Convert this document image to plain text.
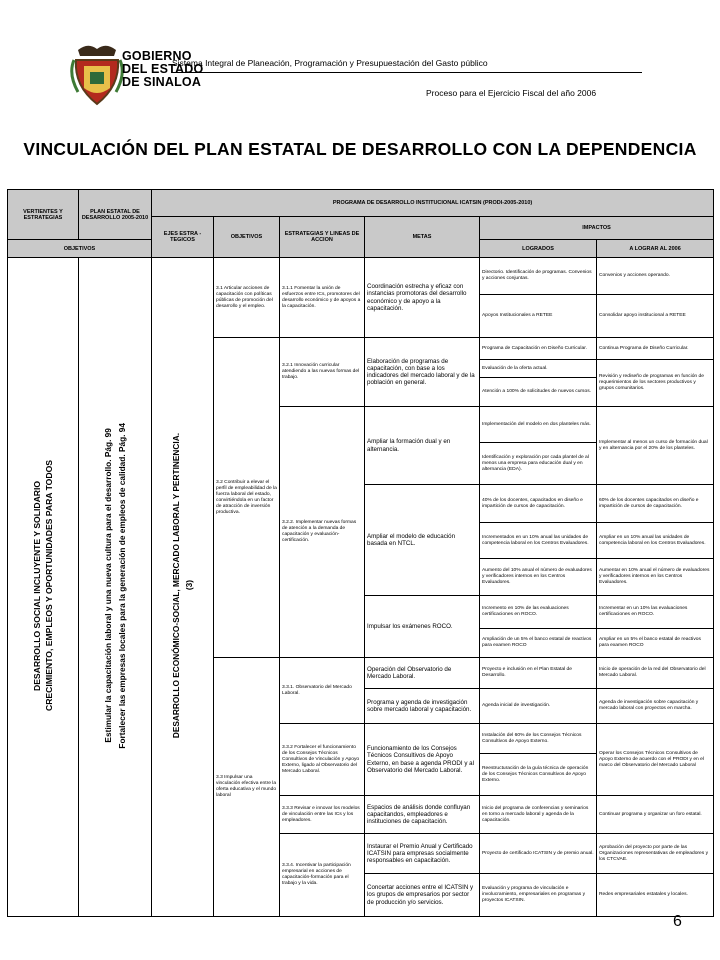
GOBIERNO
DEL ESTADO
DE SINALOA
Sistema Integral de Planeación, Programación y Presupuestación del Gasto público
Proceso para el Ejercicio Fiscal del año 2006
VINCULACIÓN DEL PLAN ESTATAL DE DESARROLLO CON LA DEPENDENCIA
VERTIENTES Y ESTRATEGIAS	PLAN ESTATAL DE DESARROLLO 2005-2010	PROGRAMA DE DESARROLLO INSTITUCIONAL ICATSIN (PRODI-2005-2010)					
		EJES ESTRA - TEGICOS	OBJETIVOS	ESTRATEGIAS Y LINEAS DE ACCION	METAS	IMPACTOS	
OBJETIVOS						LOGRADOS	A LOGRAR AL 2006
DESARROLLO SOCIAL INCLUYENTE Y SOLIDARIO CRECIMIENTO, EMPLEOS Y OPORTUNIDADES PARA TODOS	Estimular la capacitación laboral y una nueva cultura para el desarrollo. Pág. 99 Fortalecer las empresas locales para la generación de empleos de calidad. Pág. 94	DESARROLLO ECONÓMICO-SOCIAL, MERCADO LABORAL Y PERTINENCIA. (3)	3.1 Articular acciones de capacitación con políticas públicas de promoción del desarrollo y el empleo.	3.1.1 Fomentar la unión de esfuerzos entre ICs, promotores del desarrollo económico y de apoyos a la capacitación.	Coordinación estrecha y eficaz con instancias promotoras del desarrollo económico y de apoyo a la capacitación.	Directorio. Identificación de programas. Convenios y acciones conjuntas.	Convenios y acciones operando.
						Apoyos Institucionales a RETEE	Consolidar apoyo institucional a RETEE
			3.2 Contribuir a elevar el perfil de empleabilidad de la fuerza laboral del estado, convirtiéndola en un factor de atracción de inversión productiva.	3.2.1 Innovación curricular atendiendo a las nuevas formas del trabajo.	Elaboración de programas de capacitación, con base a los indicadores del mercado laboral y de la población en general.	Programa de Capacitación en Diseño Curricular.	Continua Programa de Diseño Curricular.
						Evaluación de la oferta actual.	Revisión y rediseño de programas en función de requerimientos de los sectores productivos y grupos comunitarios.
						Atención a 100% de solicitudes de nuevos cursos.	
				3.2.2. Implementar nuevas formas de atención a la demanda de capacitación y evaluación-certificación.	Ampliar la formación dual y en alternancia.	Implementación del modelo en dos planteles más.	Implementar al menos un curso de formación dual y en alternancia por el 20% de los planteles.
						Identificación y exploración por cada plantel de al menos una empresa para educación dual y en alternancia (EDA).	
					Ampliar el modelo de educación basada en NTCL.	40% de los docentes, capacitados en diseño e impartición de cursos de capacitación.	60% de los docentes capacitados en diseño e impartición de cursos de capacitación.
						Incrementados en un 10% anual las unidades de competencia laboral en los Centros Evaluadores.	Ampliar en un 10% anual las unidades de competencia laboral en los Centros Evaluadores.
						Aumento del 10% anual el número de evaluadores y verificadores internos en los Centros Evaluadores.	Aumentar en 10% anual el número de evaluadores y verificadores internos en los Centros Evaluadores.
					Impulsar los exámenes ROCO.	Incremento en 10% de las evaluaciones certificaciones en ROCO.	Incrementar en un 10% las evaluaciones certificaciones en ROCO.
						Ampliación de un 5% el banco estatal de reactivos para examen ROCO	Ampliar en un 5% el banco estatal de reactivos para examen ROCO
			3.3 Impulsar una vinculación efectiva entre la oferta educativa y el mundo laboral	3.3.1. Observatorio del Mercado Laboral.	Operación del Observatorio de Mercado Laboral.	Proyecto e inclusión en el Plan Estatal de Desarrollo.	Inicio de operación de la red del Observatorio del Mercado Laboral.
					Programa y agenda de investigación sobre mercado laboral y capacitación.	Agenda inicial de investigación.	Agenda de investigación sobre capacitación y mercado laboral con proyectos en marcha.
				3.3.2 Fortalecer el funcionamiento de los Consejos Técnicos Consultivos de Vinculación y Apoyo Externo, ligado al Observatorio del Mercado Laboral.	Funcionamiento de los Consejos Técnicos Consultivos de Apoyo Externo, en base a agenda PRODI y al Observatorio del Mercado Laboral.	Instalación del 60% de los Consejos Técnicos Consultivos de Apoyo Externo.	Operar los Consejos Técnicos Consultivos de Apoyo Externo de acuerdo con el PRODI y en el marco del Observatorio del Mercado Laboral
						Reestructuración de la guía técnica de operación de los Consejos Técnicos Consultivos de Apoyo Externo.	
				3.3.3 Revisar e innovar los modelos de vinculación entre las ICs y los empleadores.	Espacios de análisis donde confluyan capacitandos, empleadores e instituciones de capacitación.	Inicio del programa de conferencias y seminarios en torno a mercado laboral y agenda de la capacitación.	Continuar programa y organizar un foro estatal.
				3.3.4. Incentivar la participación empresarial en acciones de capacitación-formación para el trabajo y la vida.	Instaurar el Premio Anual y Certificado ICATSIN para empresas socialmente responsables en capacitación.	Proyecto de certificado ICATSIN y de premio anual.	Aprobación del proyecto por parte de las Organizaciones representativas de empleadores y los CTCVAE.
					Concertar acciones entre el ICATSIN y los grupos de empresarios por sector de producción y/o servicios.	Evaluación y programa de vinculación e involucramiento, empresariales en programas y proyectos ICATSIN.	Redes empresariales estatales y locales.
6
